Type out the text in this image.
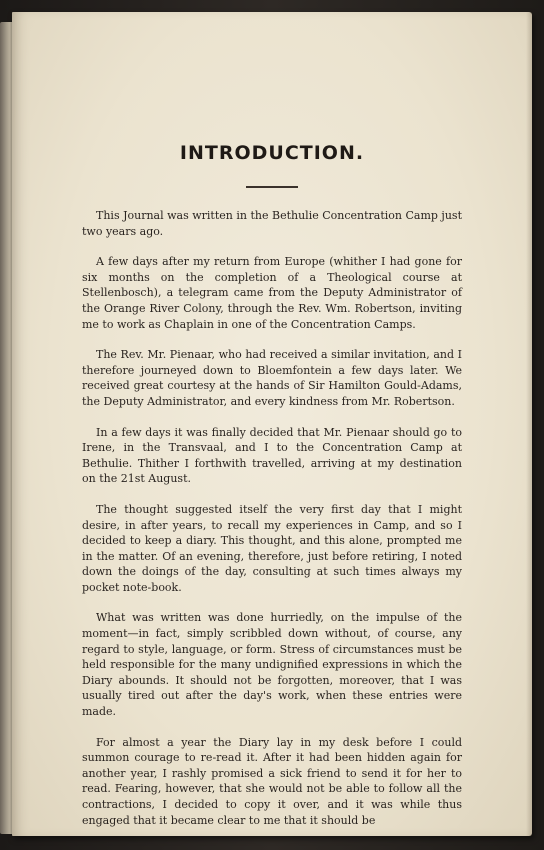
INTRODUCTION.

This Journal was written in the Bethulie Concentration Camp just two years ago.

A few days after my return from Europe (whither I had gone for six months on the completion of a Theological course at Stellenbosch), a telegram came from the Deputy Administrator of the Orange River Colony, through the Rev. Wm. Robertson, inviting me to work as Chaplain in one of the Concentration Camps.

The Rev. Mr. Pienaar, who had received a similar invitation, and I therefore journeyed down to Bloemfontein a few days later. We received great courtesy at the hands of Sir Hamilton Gould-Adams, the Deputy Administrator, and every kindness from Mr. Robertson.

In a few days it was finally decided that Mr. Pienaar should go to Irene, in the Transvaal, and I to the Concentration Camp at Bethulie. Thither I forthwith travelled, arriving at my destination on the 21st August.

The thought suggested itself the very first day that I might desire, in after years, to recall my experiences in Camp, and so I decided to keep a diary. This thought, and this alone, prompted me in the matter. Of an evening, therefore, just before retiring, I noted down the doings of the day, consulting at such times always my pocket note-book.

What was written was done hurriedly, on the impulse of the moment—in fact, simply scribbled down without, of course, any regard to style, language, or form. Stress of circumstances must be held responsible for the many undignified expressions in which the Diary abounds. It should not be forgotten, moreover, that I was usually tired out after the day's work, when these entries were made.

For almost a year the Diary lay in my desk before I could summon courage to re-read it. After it had been hidden again for another year, I rashly promised a sick friend to send it for her to read. Fearing, however, that she would not be able to follow all the contractions, I decided to copy it over, and it was while thus engaged that it became clear to me that it should be
